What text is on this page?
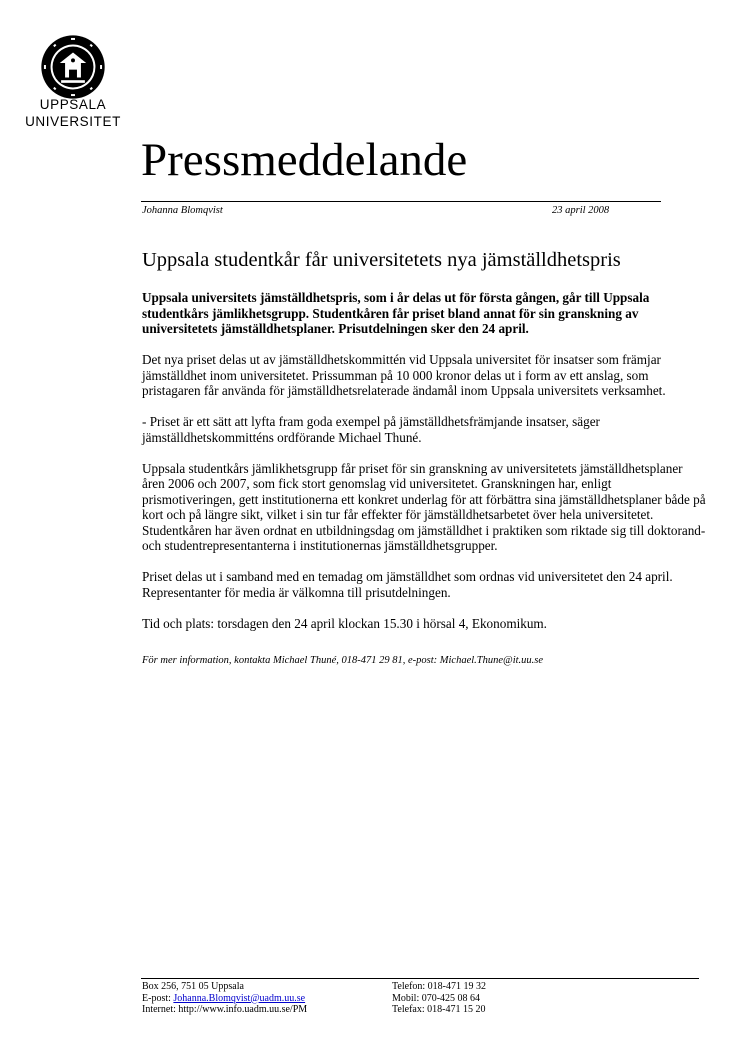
UPPSALA
UNIVERSITET
Pressmeddelande
Johanna Blomqvist	23 april 2008
Uppsala studentkår får universitetets nya jämställdhetspris

Uppsala universitets jämställdhetspris, som i år delas ut för första gången, går till Uppsala studentkårs jämlikhetsgrupp. Studentkåren får priset bland annat för sin granskning av universitetets jämställdhetsplaner. Prisutdelningen sker den 24 april.

Det nya priset delas ut av jämställdhetskommittén vid Uppsala universitet för insatser som främjar jämställdhet inom universitetet. Prissumman på 10 000 kronor delas ut i form av ett anslag, som pristagaren får använda för jämställdhetsrelaterade ändamål inom Uppsala universitets verksamhet.

- Priset är ett sätt att lyfta fram goda exempel på jämställdhetsfrämjande insatser, säger jämställdhetskommitténs ordförande Michael Thuné.

Uppsala studentkårs jämlikhetsgrupp får priset för sin granskning av universitetets jämställdhetsplaner åren 2006 och 2007, som fick stort genomslag vid universitetet. Granskningen har, enligt prismotiveringen, gett institutionerna ett konkret underlag för att förbättra sina jämställdhetsplaner både på kort och på längre sikt, vilket i sin tur får effekter för jämställdhetsarbetet över hela universitetet. Studentkåren har även ordnat en utbildningsdag om jämställdhet i praktiken som riktade sig till doktorand- och studentrepresentanterna i institutionernas jämställdhetsgrupper.

Priset delas ut i samband med en temadag om jämställdhet som ordnas vid universitetet den 24 april. Representanter för media är välkomna till prisutdelningen.

Tid och plats: torsdagen den 24 april klockan 15.30 i hörsal 4, Ekonomikum.

För mer information, kontakta Michael Thuné, 018-471 29 81, e-post: Michael.Thune@it.uu.se

Box 256, 751 05 Uppsala
E-post: Johanna.Blomqvist@uadm.uu.se
Internet: http://www.info.uadm.uu.se/PM
Telefon: 018-471 19 32
Mobil: 070-425 08 64
Telefax: 018-471 15 20
